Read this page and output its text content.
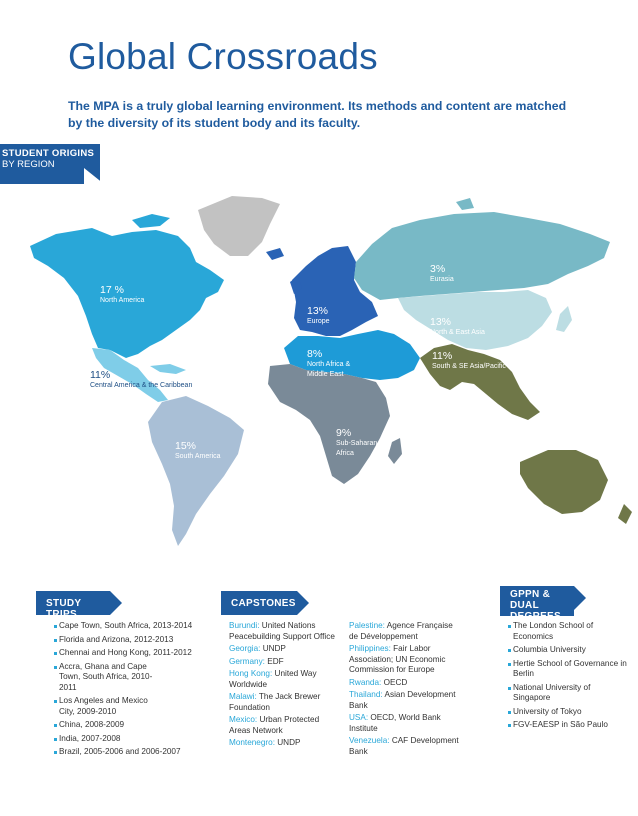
Global Crossroads
The MPA is a truly global learning environment. Its methods and content are matched by the diversity of its student body and its faculty.
STUDENT ORIGINS
BY REGION
17 %
North America
11%
Central America & the Caribbean
15%
South America
13%
Europe
8%
North Africa & Middle East
9%
Sub-Saharan Africa
3%
Eurasia
13%
North & East Asia
11%
South & SE Asia/Pacific
STUDY TRIPS
CAPSTONES
GPPN &
DUAL DEGREES
Cape Town, South Africa, 2013-2014
Florida and Arizona, 2012-2013
Chennai and Hong Kong, 2011-2012
Accra, Ghana and Cape Town, South Africa, 2010-2011
Los Angeles and Mexico City, 2009-2010
China, 2008-2009
India, 2007-2008
Brazil, 2005-2006 and 2006-2007
Burundi: United Nations Peacebuilding Support Office
Georgia: UNDP
Germany: EDF
Hong Kong: United Way Worldwide
Malawi: The Jack Brewer Foundation
Mexico: Urban Protected Areas Network
Montenegro: UNDP
Palestine: Agence Française de Développement
Philippines: Fair Labor Association; UN Economic Commission for Europe
Rwanda: OECD
Thailand: Asian Development Bank
USA: OECD, World Bank Institute
Venezuela: CAF Development Bank
The London School of Economics
Columbia University
Hertie School of Governance in Berlin
National University of Singapore
University of Tokyo
FGV-EAESP in São Paulo
